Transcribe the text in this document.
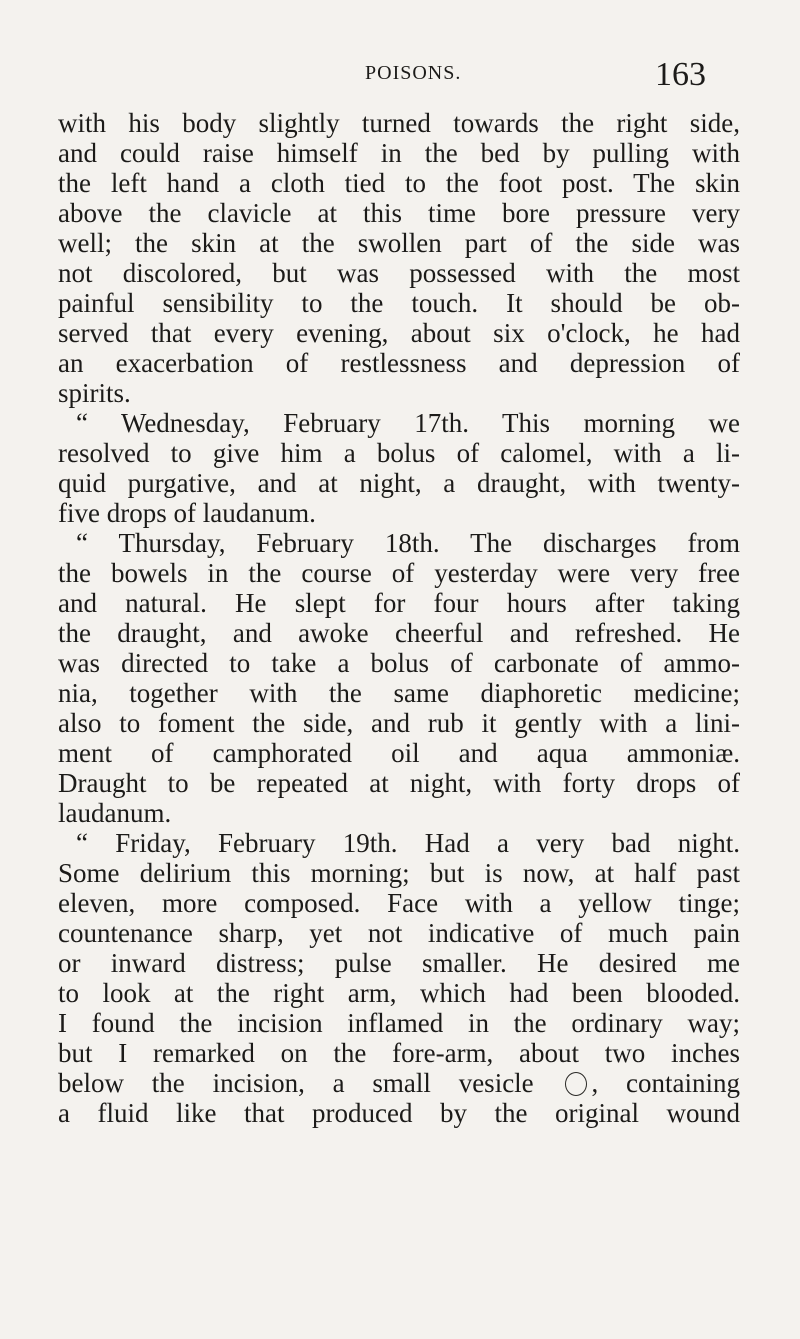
POISONS.	163
with his body slightly turned towards the right side,
and could raise himself in the bed by pulling with
the left hand a cloth tied to the foot post. The skin
above the clavicle at this time bore pressure very
well; the skin at the swollen part of the side was
not discolored, but was possessed with the most
painful sensibility to the touch. It should be ob-
served that every evening, about six o'clock, he had
an exacerbation of restlessness and depression of
spirits.
“ Wednesday, February 17th. This morning we
resolved to give him a bolus of calomel, with a li-
quid purgative, and at night, a draught, with twenty-
five drops of laudanum.
“ Thursday, February 18th. The discharges from
the bowels in the course of yesterday were very free
and natural. He slept for four hours after taking
the draught, and awoke cheerful and refreshed. He
was directed to take a bolus of carbonate of ammo-
nia, together with the same diaphoretic medicine;
also to foment the side, and rub it gently with a lini-
ment of camphorated oil and aqua ammoniæ.
Draught to be repeated at night, with forty drops of
laudanum.
“ Friday, February 19th. Had a very bad night.
Some delirium this morning; but is now, at half past
eleven, more composed. Face with a yellow tinge;
countenance sharp, yet not indicative of much pain
or inward distress; pulse smaller. He desired me
to look at the right arm, which had been blooded.
I found the incision inflamed in the ordinary way;
but I remarked on the fore-arm, about two inches
below the incision, a small vesicle , containing
a fluid like that produced by the original wound
